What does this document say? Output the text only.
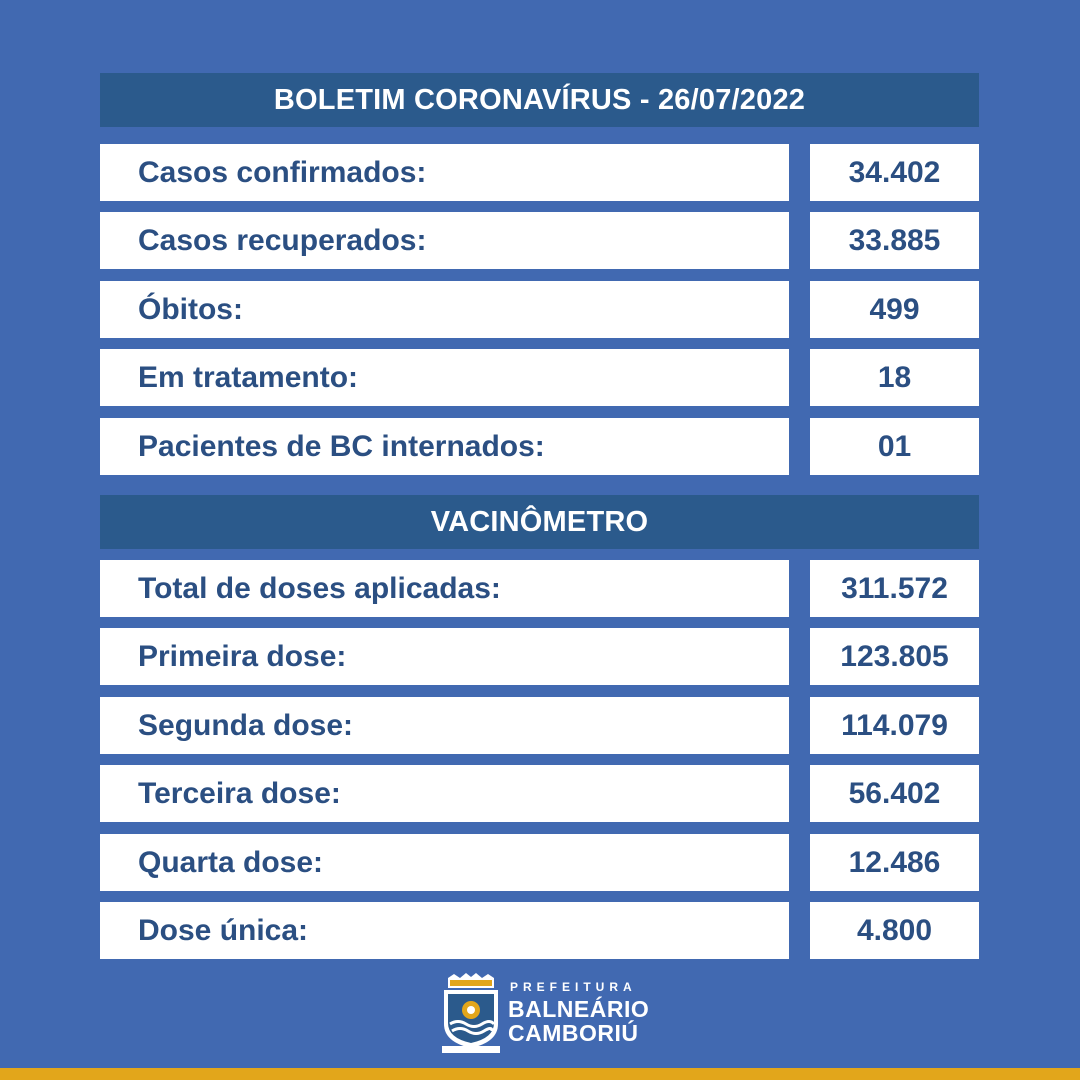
BOLETIM CORONAVÍRUS - 26/07/2022
Casos confirmados:	34.402
Casos recuperados:	33.885
Óbitos:	499
Em tratamento:	18
Pacientes de BC internados:	01
VACINÔMETRO
Total de doses aplicadas:	311.572
Primeira dose:	123.805
Segunda dose:	114.079
Terceira dose:	56.402
Quarta dose:	12.486
Dose única:	4.800
PREFEITURA
BALNEÁRIO
CAMBORIÚ
